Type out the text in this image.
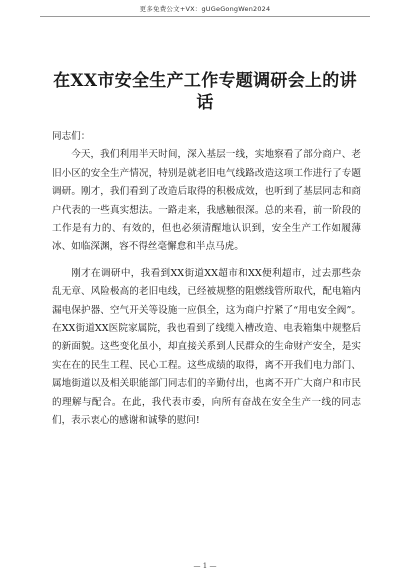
更多免费公文+VX：gUGeGongWen2024
在XX市安全生产工作专题调研会上的讲话

同志们：

今天，我们利用半天时间，深入基层一线，实地察看了部分商户、老旧小区的安全生产情况，特别是就老旧电气线路改造这项工作进行了专题调研。刚才，我们看到了改造后取得的积极成效，也听到了基层同志和商户代表的一些真实想法。一路走来，我感触很深。总的来看，前一阶段的工作是有力的、有效的，但也必须清醒地认识到，安全生产工作如履薄冰、如临深渊，容不得丝毫懈怠和半点马虎。

刚才在调研中，我看到XX街道XX超市和XX便利超市，过去那些杂乱无章、风险极高的老旧电线，已经被规整的阻燃线管所取代，配电箱内漏电保护器、空气开关等设施一应俱全，这为商户拧紧了“用电安全阀”。在XX街道XX医院家属院，我也看到了线缆入槽改造、电表箱集中规整后的新面貌。这些变化虽小，却直接关系到人民群众的生命财产安全，是实实在在的民生工程、民心工程。这些成绩的取得，离不开我们电力部门、属地街道以及相关职能部门同志们的辛勤付出，也离不开广大商户和市民的理解与配合。在此，我代表市委，向所有奋战在安全生产一线的同志们，表示衷心的感谢和诚挚的慰问!

— 1 —
